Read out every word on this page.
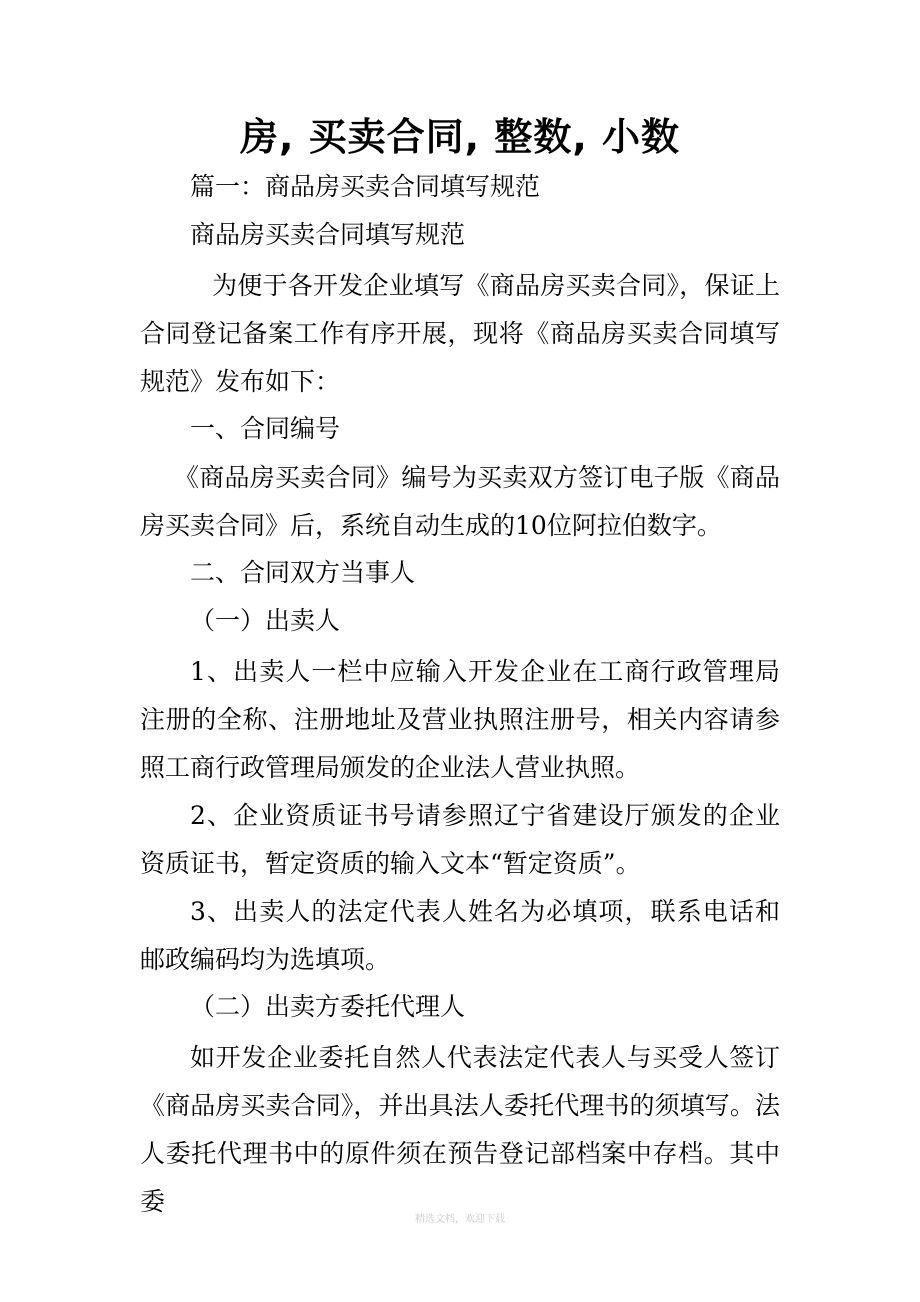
房, 买卖合同, 整数, 小数
篇一：商品房买卖合同填写规范
商品房买卖合同填写规范
为便于各开发企业填写《商品房买卖合同》，保证上合同登记备案工作有序开展，现将《商品房买卖合同填写规范》发布如下：
一、合同编号
《商品房买卖合同》编号为买卖双方签订电子版《商品房买卖合同》后，系统自动生成的10位阿拉伯数字。
二、合同双方当事人
（一）出卖人
1、出卖人一栏中应输入开发企业在工商行政管理局注册的全称、注册地址及营业执照注册号，相关内容请参照工商行政管理局颁发的企业法人营业执照。
2、企业资质证书号请参照辽宁省建设厅颁发的企业资质证书，暂定资质的输入文本“暂定资质”。
3、出卖人的法定代表人姓名为必填项，联系电话和邮政编码均为选填项。
（二）出卖方委托代理人
如开发企业委托自然人代表法定代表人与买受人签订《商品房买卖合同》，并出具法人委托代理书的须填写。法人委托代理书中的原件须在预告登记部档案中存档。其中委
精选文档，欢迎下载
